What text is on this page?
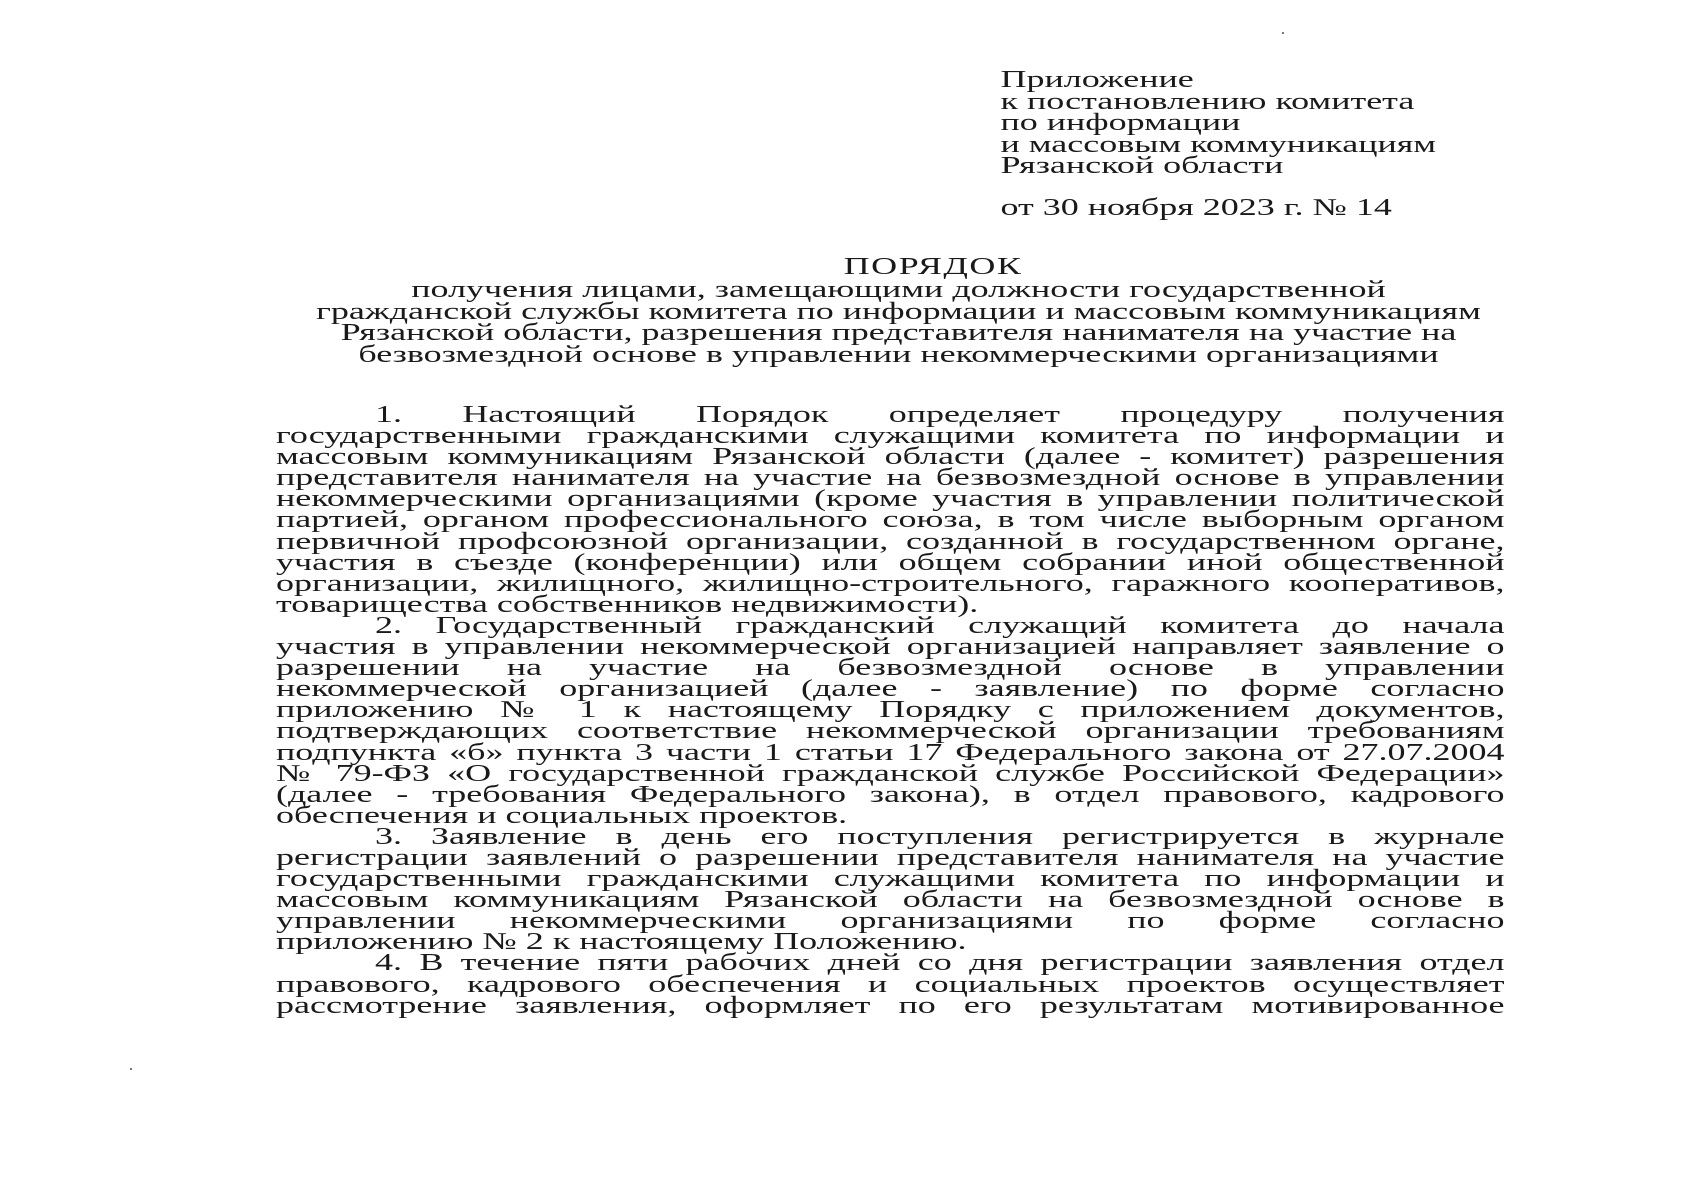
Приложение
к постановлению комитета
по информации
и массовым коммуникациям
Рязанской области
от 30 ноября 2023 г. № 14
ПОРЯДОК
получения лицами, замещающими должности государственной
гражданской службы комитета по информации и массовым коммуникациям
Рязанской области, разрешения представителя нанимателя на участие на
безвозмездной основе в управлении некоммерческими организациями
1. Настоящий Порядок определяет процедуру получения
государственными гражданскими служащими комитета по информации и
массовым коммуникациям Рязанской области (далее - комитет) разрешения
представителя нанимателя на участие на безвозмездной основе в управлении
некоммерческими организациями (кроме участия в управлении политической
партией, органом профессионального союза, в том числе выборным органом
первичной профсоюзной организации, созданной в государственном органе,
участия в съезде (конференции) или общем собрании иной общественной
организации, жилищного, жилищно-строительного, гаражного кооперативов,
товарищества собственников недвижимости).
2. Государственный гражданский служащий комитета до начала
участия в управлении некоммерческой организацией направляет заявление о
разрешении на участие на безвозмездной основе в управлении
некоммерческой организацией (далее - заявление) по форме согласно
приложению № 1 к настоящему Порядку с приложением документов,
подтверждающих соответствие некоммерческой организации требованиям
подпункта «б» пункта 3 части 1 статьи 17 Федерального закона от 27.07.2004
№ 79-ФЗ «О государственной гражданской службе Российской Федерации»
(далее - требования Федерального закона), в отдел правового, кадрового
обеспечения и социальных проектов.
3. Заявление в день его поступления регистрируется в журнале
регистрации заявлений о разрешении представителя нанимателя на участие
государственными гражданскими служащими комитета по информации и
массовым коммуникациям Рязанской области на безвозмездной основе в
управлении некоммерческими организациями по форме согласно
приложению № 2 к настоящему Положению.
4. В течение пяти рабочих дней со дня регистрации заявления отдел
правового, кадрового обеспечения и социальных проектов осуществляет
рассмотрение заявления, оформляет по его результатам мотивированное
